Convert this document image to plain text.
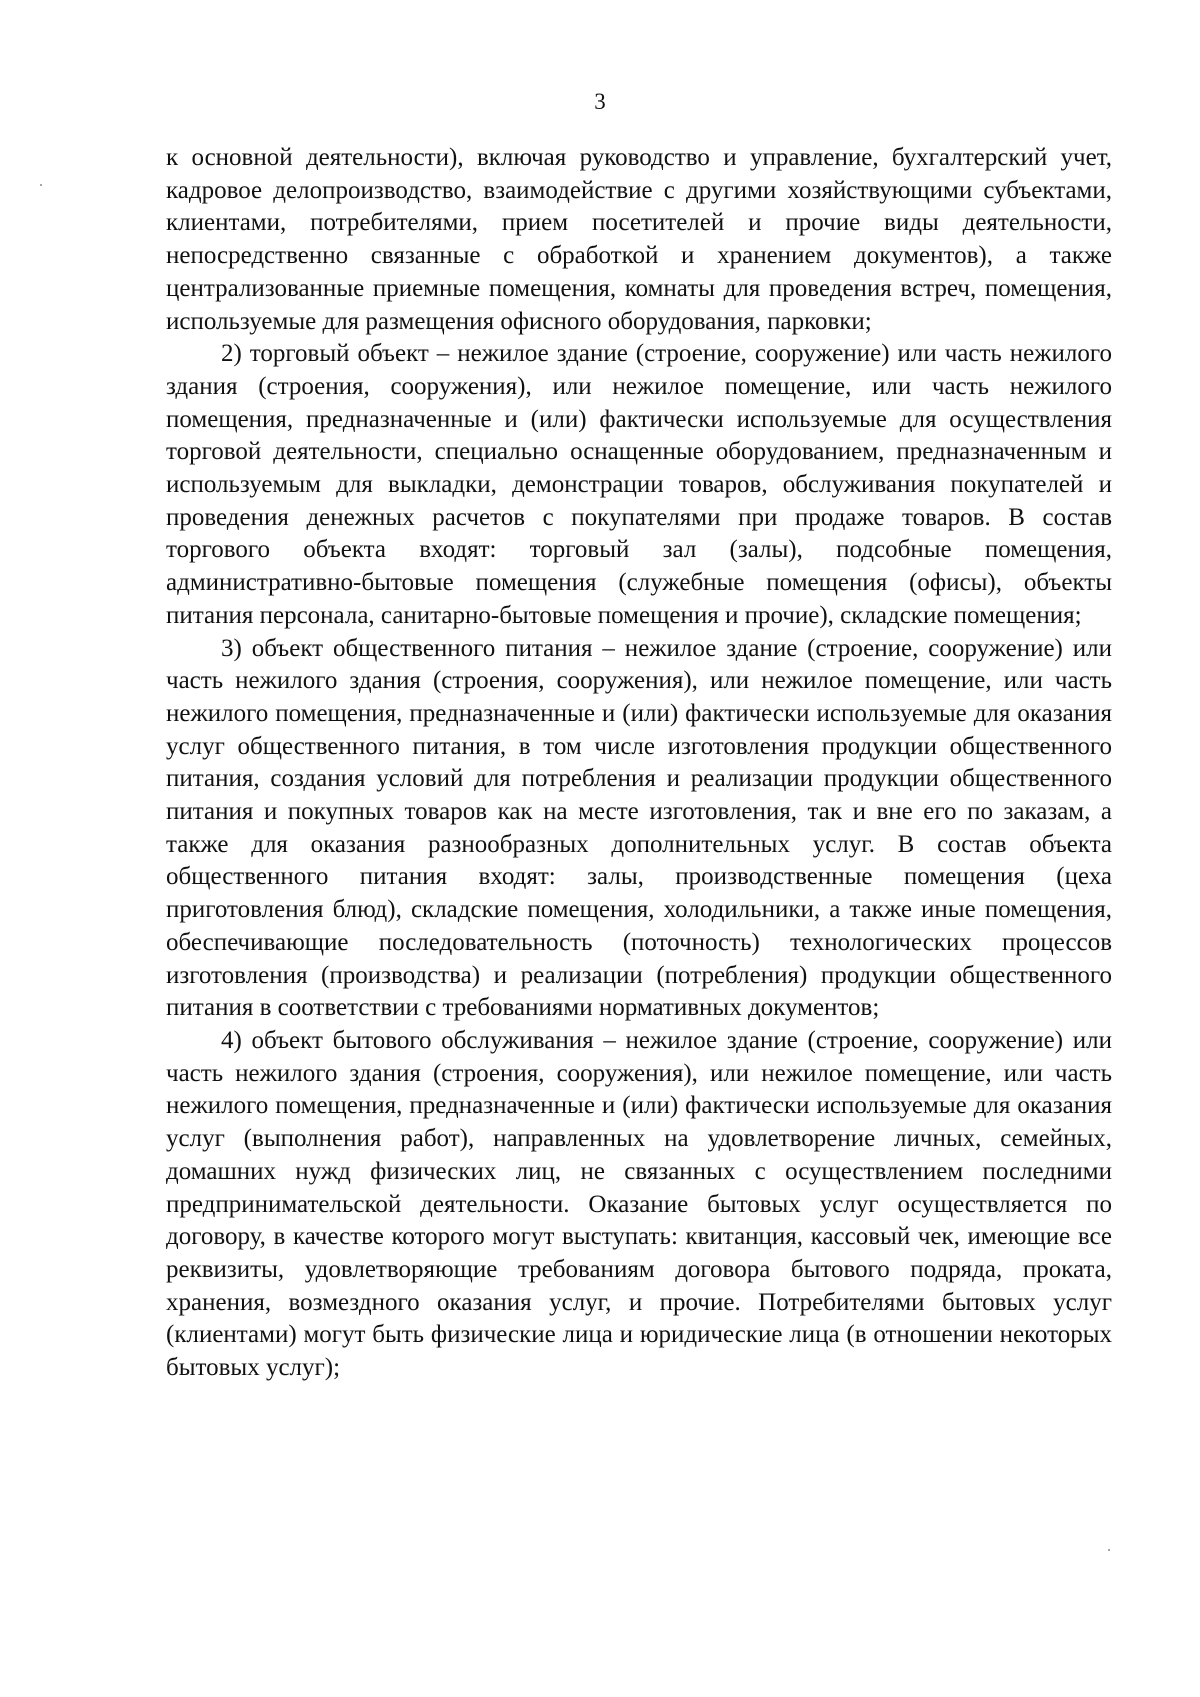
3

к основной деятельности), включая руководство и управление, бухгалтерский учет, кадровое делопроизводство, взаимодействие с другими хозяйствующими субъектами, клиентами, потребителями, прием посетителей и прочие виды деятельности, непосредственно связанные с обработкой и хранением документов), а также централизованные приемные помещения, комнаты для проведения встреч, помещения, используемые для размещения офисного оборудования, парковки;

2) торговый объект – нежилое здание (строение, сооружение) или часть нежилого здания (строения, сооружения), или нежилое помещение, или часть нежилого помещения, предназначенные и (или) фактически используемые для осуществления торговой деятельности, специально оснащенные оборудованием, предназначенным и используемым для выкладки, демонстрации товаров, обслуживания покупателей и проведения денежных расчетов с покупателями при продаже товаров. В состав торгового объекта входят: торговый зал (залы), подсобные помещения, административно-бытовые помещения (служебные помещения (офисы), объекты питания персонала, санитарно-бытовые помещения и прочие), складские помещения;

3) объект общественного питания – нежилое здание (строение, сооружение) или часть нежилого здания (строения, сооружения), или нежилое помещение, или часть нежилого помещения, предназначенные и (или) фактически используемые для оказания услуг общественного питания, в том числе изготовления продукции общественного питания, создания условий для потребления и реализации продукции общественного питания и покупных товаров как на месте изготовления, так и вне его по заказам, а также для оказания разнообразных дополнительных услуг. В состав объекта общественного питания входят: залы, производственные помещения (цеха приготовления блюд), складские помещения, холодильники, а также иные помещения, обеспечивающие последовательность (поточность) технологических процессов изготовления (производства) и реализации (потребления) продукции общественного питания в соответствии с требованиями нормативных документов;

4) объект бытового обслуживания – нежилое здание (строение, сооружение) или часть нежилого здания (строения, сооружения), или нежилое помещение, или часть нежилого помещения, предназначенные и (или) фактически используемые для оказания услуг (выполнения работ), направленных на удовлетворение личных, семейных, домашних нужд физических лиц, не связанных с осуществлением последними предпринимательской деятельности. Оказание бытовых услуг осуществляется по договору, в качестве которого могут выступать: квитанция, кассовый чек, имеющие все реквизиты, удовлетворяющие требованиям договора бытового подряда, проката, хранения, возмездного оказания услуг, и прочие. Потребителями бытовых услуг (клиентами) могут быть физические лица и юридические лица (в отношении некоторых бытовых услуг);
